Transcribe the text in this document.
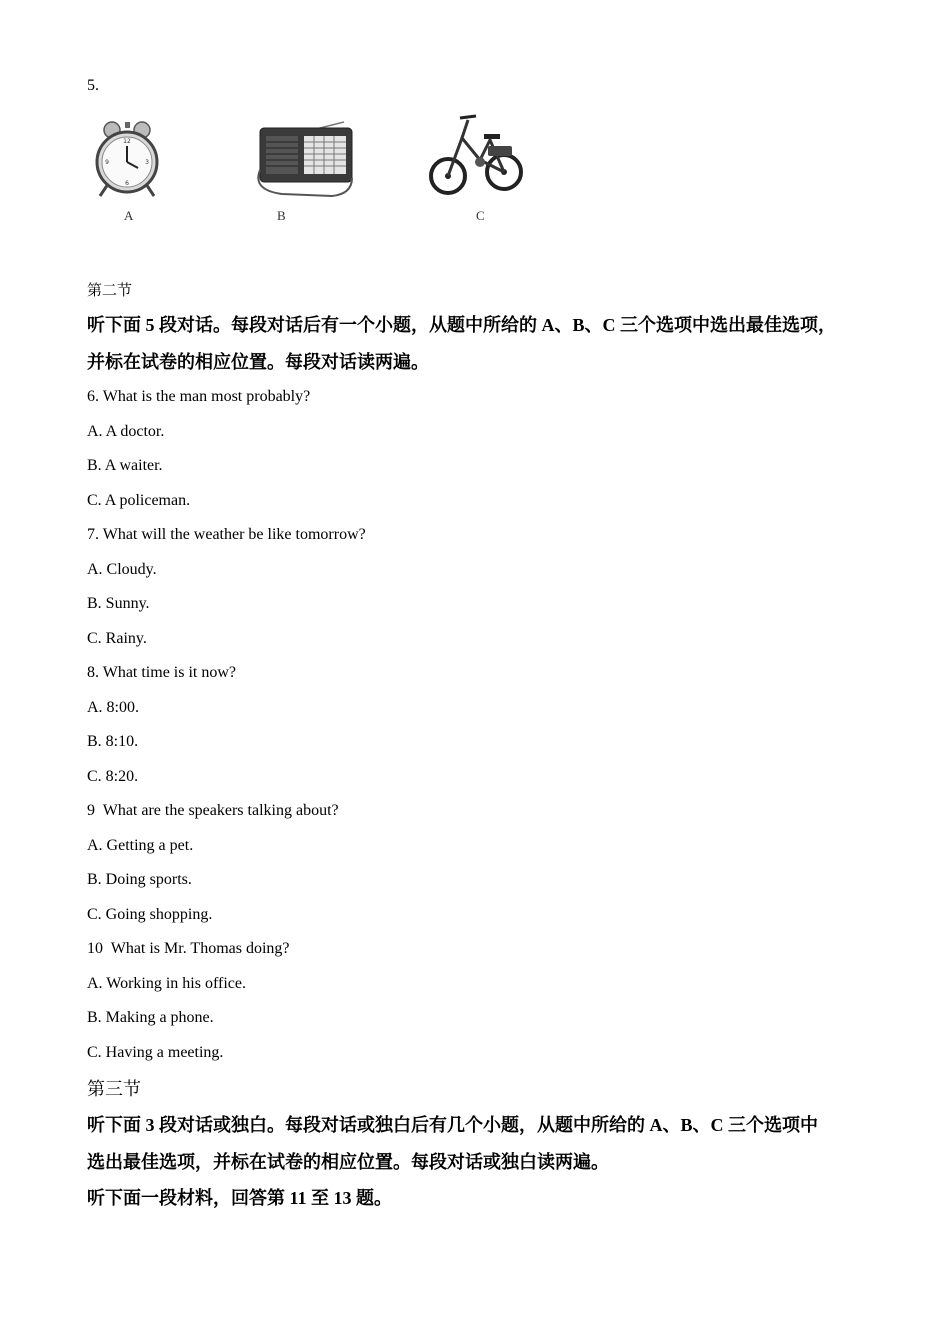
5.
12
3
6
9
A	B	C
第二节
听下面 5 段对话。每段对话后有一个小题，从题中所给的 A、B、C 三个选项中选出最佳选项，
并标在试卷的相应位置。每段对话读两遍。
6. What is the man most probably?
A. A doctor.
B. A waiter.
C. A policeman.
7. What will the weather be like tomorrow?
A. Cloudy.
B. Sunny.
C. Rainy.
8. What time is it now?
A. 8:00.
B. 8:10.
C. 8:20.
9  What are the speakers talking about?
A. Getting a pet.
B. Doing sports.
C. Going shopping.
10  What is Mr. Thomas doing?
A. Working in his office.
B. Making a phone.
C. Having a meeting.
第三节
听下面 3 段对话或独白。每段对话或独白后有几个小题，从题中所给的 A、B、C 三个选项中
选出最佳选项，并标在试卷的相应位置。每段对话或独白读两遍。
听下面一段材料，回答第 11 至 13 题。
